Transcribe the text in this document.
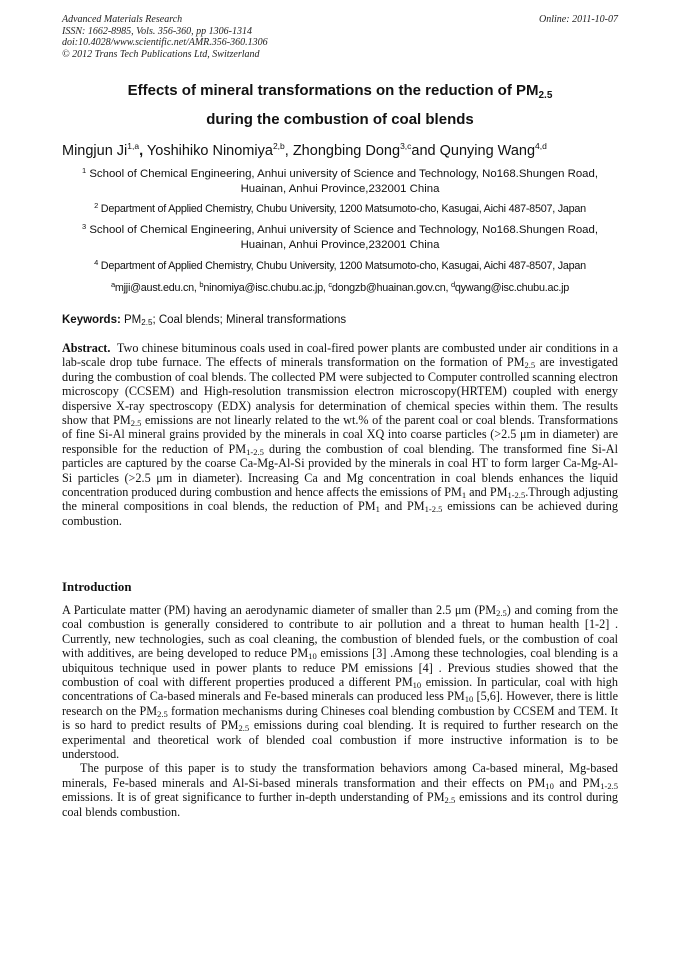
Advanced Materials Research
ISSN: 1662-8985, Vols. 356-360, pp 1306-1314
doi:10.4028/www.scientific.net/AMR.356-360.1306
© 2012 Trans Tech Publications Ltd, Switzerland
Online: 2011-10-07
Effects of mineral transformations on the reduction of $PM_{2.5}$
during the combustion of coal blends
Mingjun Ji$^{1,a}$, Yoshihiko Ninomiya$^{2,b}$, Zhongbing Dong$^{3,c}$and Qunying Wang$^{4,d}$
$^1$ School of Chemical Engineering, Anhui university of Science and Technology, No168.Shungen Road, Huainan, Anhui Province,232001 China
$^2$ Department of Applied Chemistry, Chubu University, 1200 Matsumoto-cho, Kasugai, Aichi 487-8507, Japan
$^3$ School of Chemical Engineering, Anhui university of Science and Technology, No168.Shungen Road, Huainan, Anhui Province,232001 China
$^4$ Department of Applied Chemistry, Chubu University, 1200 Matsumoto-cho, Kasugai, Aichi 487-8507, Japan
$^a$mjji@aust.edu.cn, $^b$ninomiya@isc.chubu.ac.jp, $^c$dongzb@huainan.gov.cn, $^d$qywang@isc.chubu.ac.jp
Keywords: PM2.5; Coal blends; Mineral transformations
Abstract. Two chinese bituminous coals used in coal-fired power plants are combusted under air conditions in a lab-scale drop tube furnace. The effects of minerals transformation on the formation of PM2.5 are investigated during the combustion of coal blends. The collected PM were subjected to Computer controlled scanning electron microscopy (CCSEM) and High-resolution transmission electron microscopy(HRTEM) coupled with energy dispersive X-ray spectroscopy (EDX) analysis for determination of chemical species within them. The results show that PM2.5 emissions are not linearly related to the wt.% of the parent coal or coal blends. Transformations of fine Si-Al mineral grains provided by the minerals in coal XQ into coarse particles (>2.5 μm in diameter) are responsible for the reduction of PM1-2.5 during the combustion of coal blending. The transformed fine Si-Al particles are captured by the coarse Ca-Mg-Al-Si provided by the minerals in coal HT to form larger Ca-Mg-Al-Si particles (>2.5 μm in diameter). Increasing Ca and Mg concentration in coal blends enhances the liquid concentration produced during combustion and hence affects the emissions of PM1 and PM1-2.5.Through adjusting the mineral compositions in coal blends, the reduction of PM1 and PM1-2.5 emissions can be achieved during combustion.
Introduction
A Particulate matter (PM) having an aerodynamic diameter of smaller than 2.5 μm (PM2.5) and coming from the coal combustion is generally considered to contribute to air pollution and a threat to human health [1-2] . Currently, new technologies, such as coal cleaning, the combustion of blended fuels, or the combustion of coal with additives, are being developed to reduce PM10 emissions [3] .Among these technologies, coal blending is a ubiquitous technique used in power plants to reduce PM emissions [4] . Previous studies showed that the combustion of coal with different properties produced a different PM10 emission. In particular, coal with high concentrations of Ca-based minerals and Fe-based minerals can produced less PM10 [5,6]. However, there is little research on the PM2.5 formation mechanisms during Chineses coal blending combustion by CCSEM and TEM. It is so hard to predict results of PM2.5 emissions during coal blending. It is required to further research on the experimental and theoretical work of blended coal combustion if more instructive information is to be understood.
The purpose of this paper is to study the transformation behaviors among Ca-based mineral, Mg-based minerals, Fe-based minerals and Al-Si-based minerals transformation and their effects on PM10 and PM1-2.5 emissions. It is of great significance to further in-depth understanding of PM2.5 emissions and its control during coal blends combustion.
